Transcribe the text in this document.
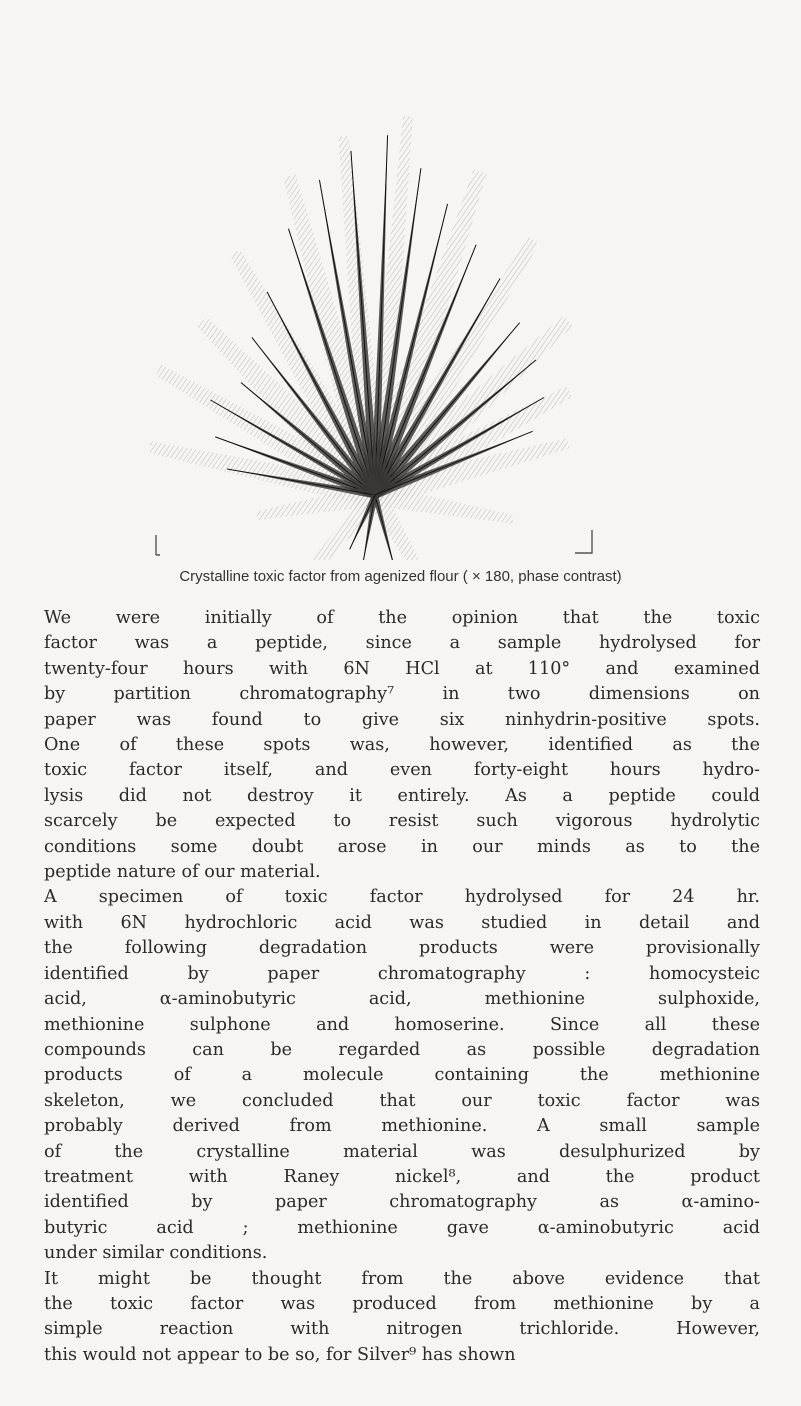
Crystalline toxic factor from agenized flour ( × 180, phase contrast)
We were initially of the opinion that the toxic
factor was a peptide, since a sample hydrolysed for
twenty-four hours with 6N HCl at 110° and examined
by partition chromatography⁷ in two dimensions on
paper was found to give six ninhydrin-positive spots.
One of these spots was, however, identified as the
toxic factor itself, and even forty-eight hours hydro-
lysis did not destroy it entirely. As a peptide could
scarcely be expected to resist such vigorous hydrolytic
conditions some doubt arose in our minds as to the
peptide nature of our material.
A specimen of toxic factor hydrolysed for 24 hr.
with 6N hydrochloric acid was studied in detail and
the following degradation products were provisionally
identified by paper chromatography : homocysteic
acid, α-aminobutyric acid, methionine sulphoxide,
methionine sulphone and homoserine. Since all these
compounds can be regarded as possible degradation
products of a molecule containing the methionine
skeleton, we concluded that our toxic factor was
probably derived from methionine. A small sample
of the crystalline material was desulphurized by
treatment with Raney nickel⁸, and the product
identified by paper chromatography as α-amino-
butyric acid ; methionine gave α-aminobutyric acid
under similar conditions.
It might be thought from the above evidence that
the toxic factor was produced from methionine by a
simple reaction with nitrogen trichloride. However,
this would not appear to be so, for Silver⁹ has shown
